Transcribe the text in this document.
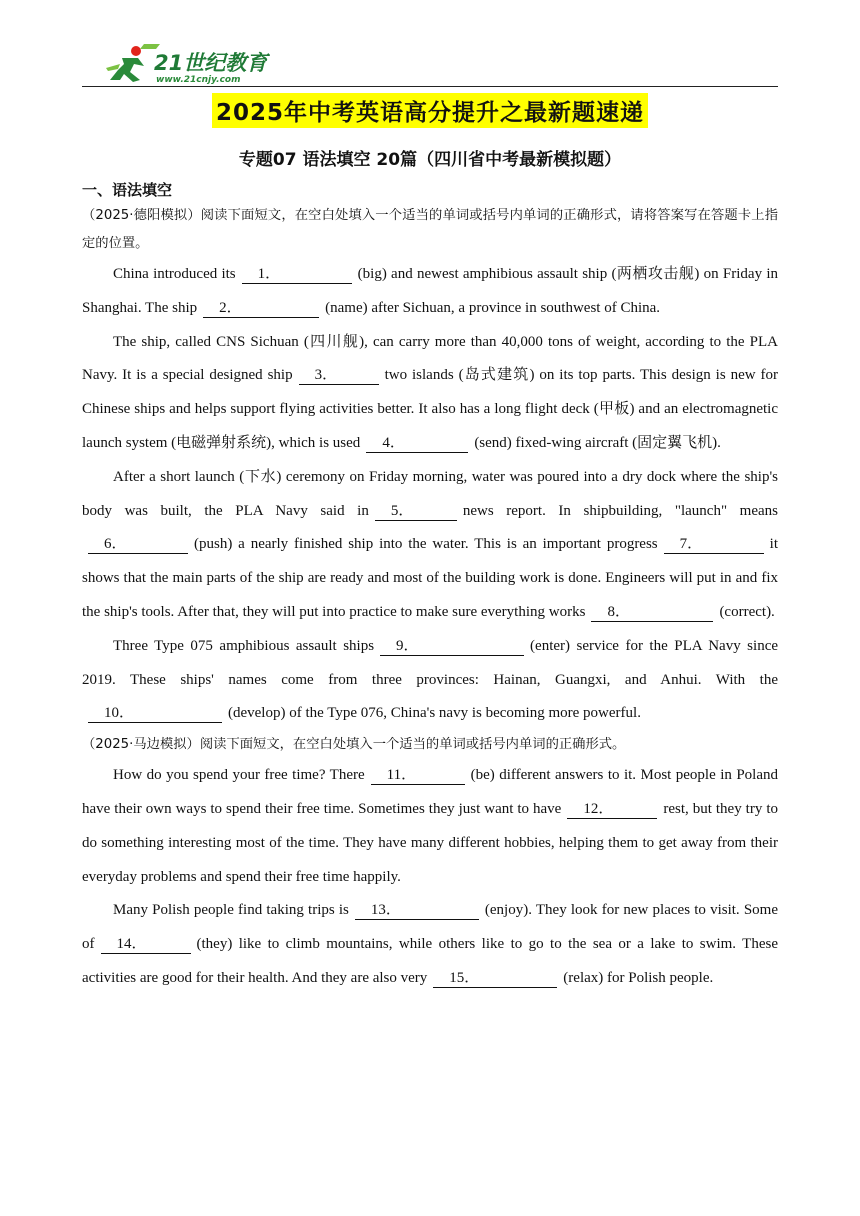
21世纪教育
www.21cnjy.com
2025年中考英语高分提升之最新题速递
专题07 语法填空 20篇（四川省中考最新模拟题）
一、语法填空

（2025·德阳模拟）阅读下面短文，在空白处填入一个适当的单词或括号内单词的正确形式，请将答案写在答题卡上指定的位置。

China introduced its 1．	(big) and newest amphibious assault ship (两栖攻击舰) on Friday in Shanghai. The ship 2．	(name) after Sichuan, a province in southwest of China.

The ship, called CNS Sichuan (四川舰), can carry more than 40,000 tons of weight, according to the PLA Navy. It is a special designed ship 3．	two islands (岛式建筑) on its top parts. This design is new for Chinese ships and helps support flying activities better. It also has a long flight deck (甲板) and an electromagnetic launch system (电磁弹射系统), which is used 4．	(send) fixed-wing aircraft (固定翼飞机).

After a short launch (下水) ceremony on Friday morning, water was poured into a dry dock where the ship's body was built, the PLA Navy said in 5．	news report. In shipbuilding, "launch" means6．	(push) a nearly finished ship into the water. This is an important progress 7．	it shows that the main parts of the ship are ready and most of the building work is done. Engineers will put in and fix the ship's tools. After that, they will put into practice to make sure everything works 8．	(correct).

Three Type 075 amphibious assault ships 9．	(enter) service for the PLA Navy since 2019. These ships' names come from three provinces: Hainan, Guangxi, and Anhui. With the10．	(develop) of the Type 076, China's navy is becoming more powerful.

（2025·马边模拟）阅读下面短文，在空白处填入一个适当的单词或括号内单词的正确形式。

How do you spend your free time? There 11．	(be) different answers to it. Most people in Poland have their own ways to spend their free time. Sometimes they just want to have 12．	rest, but they try to do something interesting most of the time. They have many different hobbies, helping them to get away from their everyday problems and spend their free time happily.

Many Polish people find taking trips is 13．	(enjoy). They look for new places to visit. Some of 14．	(they) like to climb mountains, while others like to go to the sea or a lake to swim. These activities are good for their health. And they are also very 15．	(relax) for Polish people.
